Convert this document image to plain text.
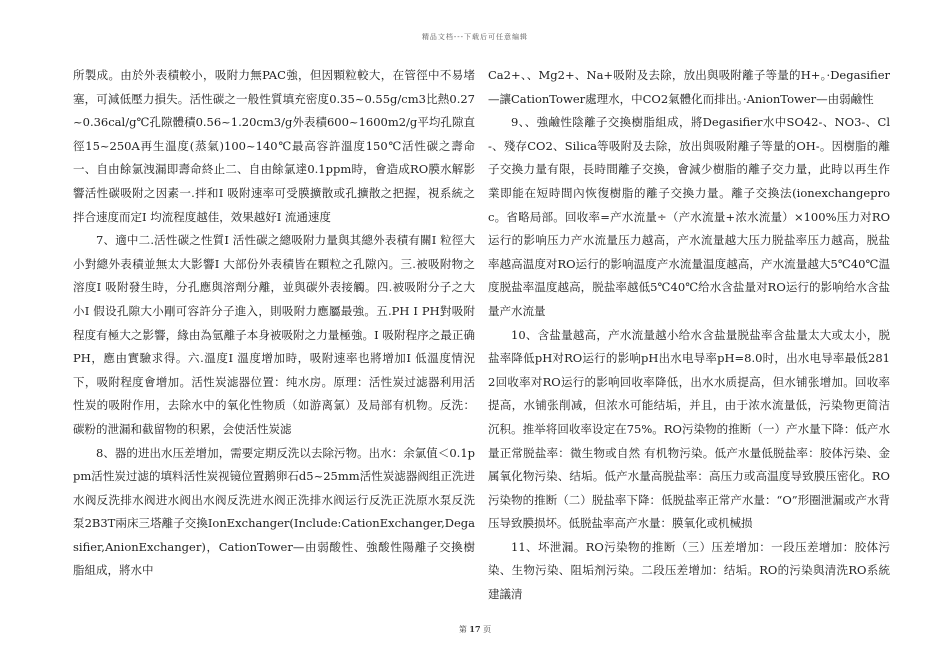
精品文档---下载后可任意编辑

所製成。由於外表積較小，吸附力無PAC強，但因顆粒較大，在管徑中不易堵塞，可減低壓力損失。活性碳之一般性質填充密度0.35~0.55g/cm3比熱0.27~0.36cal/g℃孔隙體積0.56~1.20cm3/g外表積600~1600m2/g平均孔隙直徑15~250A再生溫度(蒸氣)100~140℃最高容許溫度150℃活性碳之壽命一、自由餘氯洩漏即壽命終止二、自由餘氯達0.1ppm時，會造成RO膜水解影響活性碳吸附之因素一.拌和I 吸附速率可受膜擴散或孔擴散之把握，視系統之拌合速度而定I 均流程度越佳，效果越好I 流通速度

7、適中二.活性碳之性質I 活性碳之總吸附力量與其總外表積有關I 粒徑大小對總外表積並無太大影響I 大部份外表積皆在顆粒之孔隙內。三.被吸附物之溶度I 吸附發生時，分孔應與溶劑分離，並與碳外表接觸。四.被吸附分子之大小I 假设孔隙大小剛可容許分子進入，則吸附力應屬最強。五.PH I PH對吸附程度有極大之影響，緣由為氫離子本身被吸附之力量極強。I 吸附程序之最正确PH，應由實驗求得。六.溫度I 溫度增加時，吸附速率也將增加I 低溫度情況下，吸附程度會增加。活性炭滤器位置：纯水房。原理：活性炭过滤器利用活性炭的吸附作用，去除水中的氧化性物质（如游离氯）及局部有机物。反洗：碳粉的泄漏和截留物的积累，会使活性炭滤

8、器的进出水压差增加，需要定期反洗以去除污物。出水：余氯值＜0.1ppm活性炭过滤的填料活性炭视镜位置鹅卵石d5~25mm活性炭滤器阀组正洗进水阀反洗排水阀进水阀出水阀反洗进水阀正洗排水阀运行反洗正洗原水泵反洗泵2B3T兩床三塔離子交換IonExchanger(Include:CationExchanger,Degasifier,AnionExchanger)，CationTower—由弱酸性、強酸性陽離子交換樹脂組成，將水中

Ca2+、、Mg2+、Na+吸附及去除，放出與吸附離子等量的H+。·Degasifier—讓CationTower處理水，中CO2氣體化而排出。·AnionTower—由弱鹼性

9、、強鹼性陰離子交換樹脂組成，將Degasifier水中SO42-、NO3-、Cl-、殘存CO2、Silica等吸附及去除，放出與吸附離子等量的OH-。因樹脂的離子交換力量有限，長時間離子交換，會減少樹脂的離子交力量，此時以再生作業即能在短時間內恢復樹脂的離子交換力量。離子交換法(ionexchangeproc。省略局部。回收率=产水流量÷（产水流量+浓水流量）×100%压力对RO运行的影响压力产水流量压力越高，产水流量越大压力脱盐率压力越高，脱盐率越高温度对RO运行的影响温度产水流量温度越高，产水流量越大5℃40℃温度脱盐率温度越高，脱盐率越低5℃40℃给水含盐量对RO运行的影响给水含盐量产水流量

10、含盐量越高，产水流量越小给水含盐量脱盐率含盐量太大或太小，脱盐率降低pH对RO运行的影响pH出水电导率pH=8.0时，出水电导率最低2812回收率对RO运行的影响回收率降低，出水水质提高，但水铺张增加。回收率提高，水铺张削减，但浓水可能结垢，并且，由于浓水流量低，污染物更简洁沉积。推举将回收率设定在75%。RO污染物的推断（一）产水量下降：低产水量正常脱盐率：微生物或自然 有机物污染。低产水量低脱盐率：胶体污染、金属氧化物污染、结垢。低产水量高脱盐率：高压力或高温度导致膜压密化。RO污染物的推断（二）脱盐率下降：低脱盐率正常产水量：“O”形圈泄漏或产水背压导致膜损坏。低脱盐率高产水量：膜氧化或机械损

11、坏泄漏。RO污染物的推断（三）压差增加：一段压差增加：胶体污染、生物污染、阻垢剂污染。二段压差增加：结垢。RO的污染與清洗RO系統建議清

第 17 页
